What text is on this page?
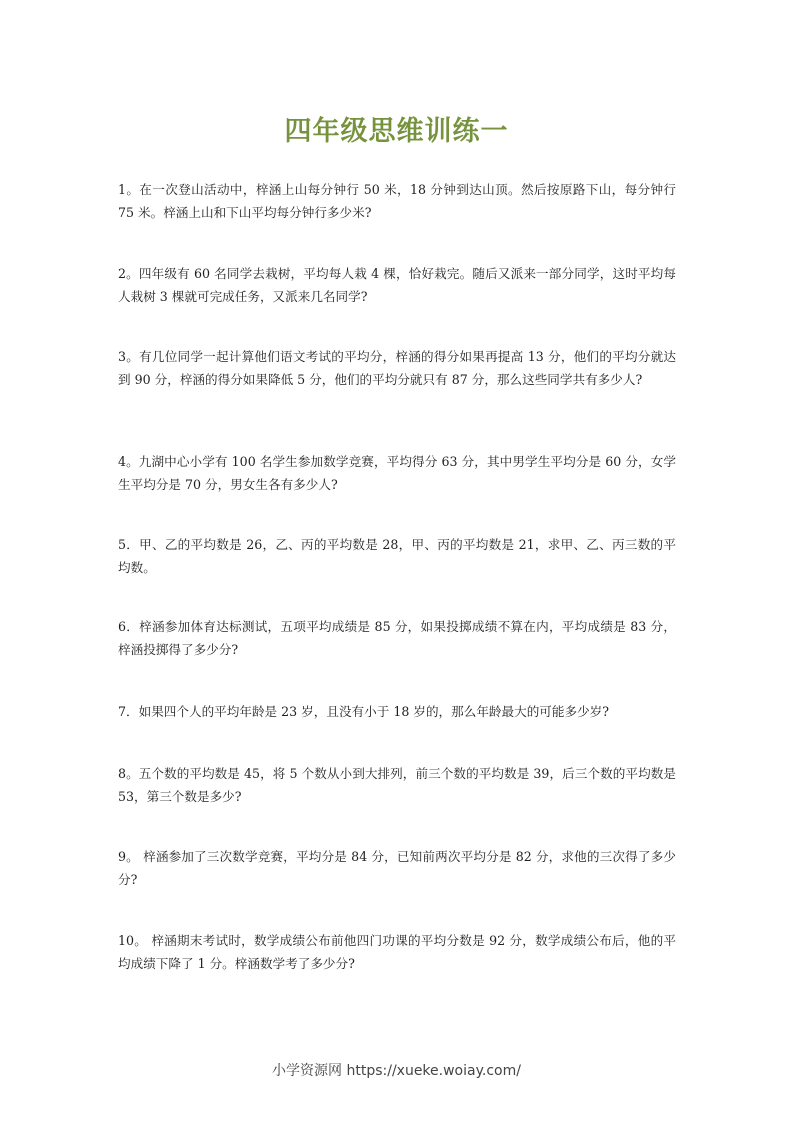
四年级思维训练一

1。在一次登山活动中，梓涵上山每分钟行 50 米，18 分钟到达山顶。然后按原路下山，每分钟行 75 米。梓涵上山和下山平均每分钟行多少米?

2。四年级有 60 名同学去栽树，平均每人栽 4 棵，恰好栽完。随后又派来一部分同学，这时平均每人栽树 3 棵就可完成任务，又派来几名同学?

3。有几位同学一起计算他们语文考试的平均分，梓涵的得分如果再提高 13 分，他们的平均分就达到 90 分，梓涵的得分如果降低 5 分，他们的平均分就只有 87 分，那么这些同学共有多少人?

4。九湖中心小学有 100 名学生参加数学竞赛，平均得分 63 分，其中男学生平均分是 60 分，女学生平均分是 70 分，男女生各有多少人?

5．甲、乙的平均数是 26，乙、丙的平均数是 28，甲、丙的平均数是 21，求甲、乙、丙三数的平均数。

6．梓涵参加体育达标测试，五项平均成绩是 85 分，如果投掷成绩不算在内，平均成绩是 83 分，梓涵投掷得了多少分?

7．如果四个人的平均年龄是 23 岁，且没有小于 18 岁的，那么年龄最大的可能多少岁?

8。五个数的平均数是 45，将 5 个数从小到大排列，前三个数的平均数是 39，后三个数的平均数是 53，第三个数是多少?

9。 梓涵参加了三次数学竞赛，平均分是 84 分，已知前两次平均分是 82 分，求他的三次得了多少分?

10。 梓涵期末考试时，数学成绩公布前他四门功课的平均分数是 92 分，数学成绩公布后，他的平均成绩下降了 1 分。梓涵数学考了多少分?

小学资源网 https://xueke.woiay.com/
